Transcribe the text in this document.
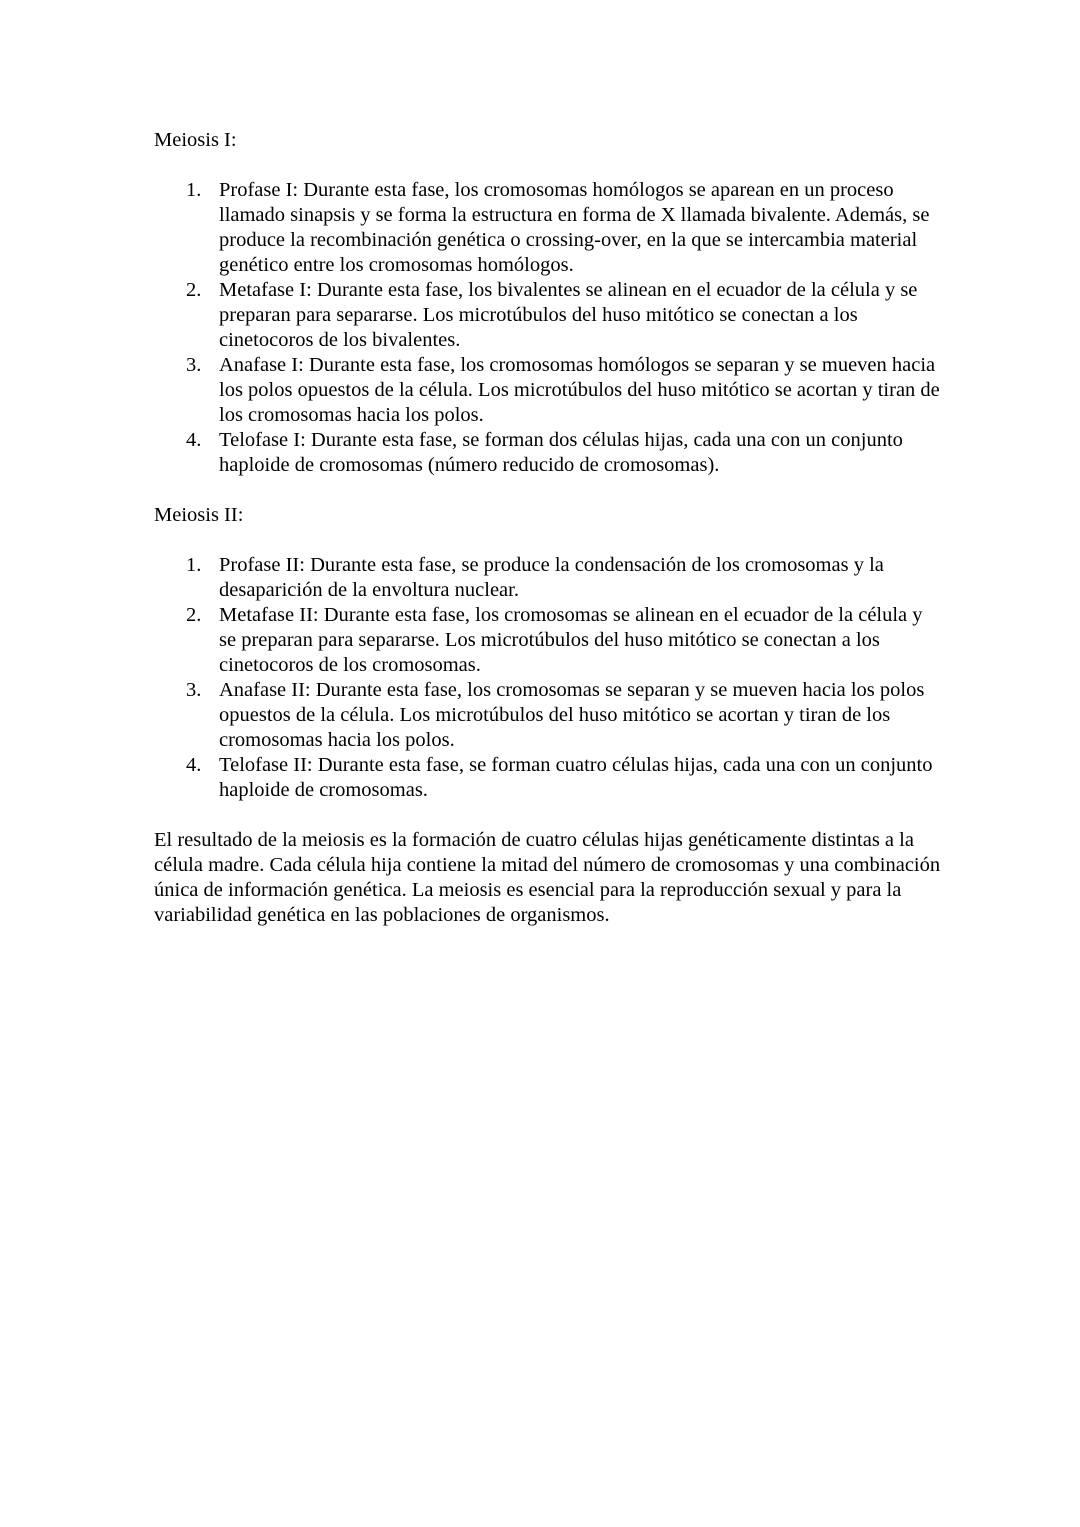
Meiosis I:
1. Profase I: Durante esta fase, los cromosomas homólogos se aparean en un proceso llamado sinapsis y se forma la estructura en forma de X llamada bivalente. Además, se produce la recombinación genética o crossing-over, en la que se intercambia material genético entre los cromosomas homólogos.
2. Metafase I: Durante esta fase, los bivalentes se alinean en el ecuador de la célula y se preparan para separarse. Los microtúbulos del huso mitótico se conectan a los cinetocoros de los bivalentes.
3. Anafase I: Durante esta fase, los cromosomas homólogos se separan y se mueven hacia los polos opuestos de la célula. Los microtúbulos del huso mitótico se acortan y tiran de los cromosomas hacia los polos.
4. Telofase I: Durante esta fase, se forman dos células hijas, cada una con un conjunto haploide de cromosomas (número reducido de cromosomas).
Meiosis II:
1. Profase II: Durante esta fase, se produce la condensación de los cromosomas y la desaparición de la envoltura nuclear.
2. Metafase II: Durante esta fase, los cromosomas se alinean en el ecuador de la célula y se preparan para separarse. Los microtúbulos del huso mitótico se conectan a los cinetocoros de los cromosomas.
3. Anafase II: Durante esta fase, los cromosomas se separan y se mueven hacia los polos opuestos de la célula. Los microtúbulos del huso mitótico se acortan y tiran de los cromosomas hacia los polos.
4. Telofase II: Durante esta fase, se forman cuatro células hijas, cada una con un conjunto haploide de cromosomas.

El resultado de la meiosis es la formación de cuatro células hijas genéticamente distintas a la célula madre. Cada célula hija contiene la mitad del número de cromosomas y una combinación única de información genética. La meiosis es esencial para la reproducción sexual y para la variabilidad genética en las poblaciones de organismos.
